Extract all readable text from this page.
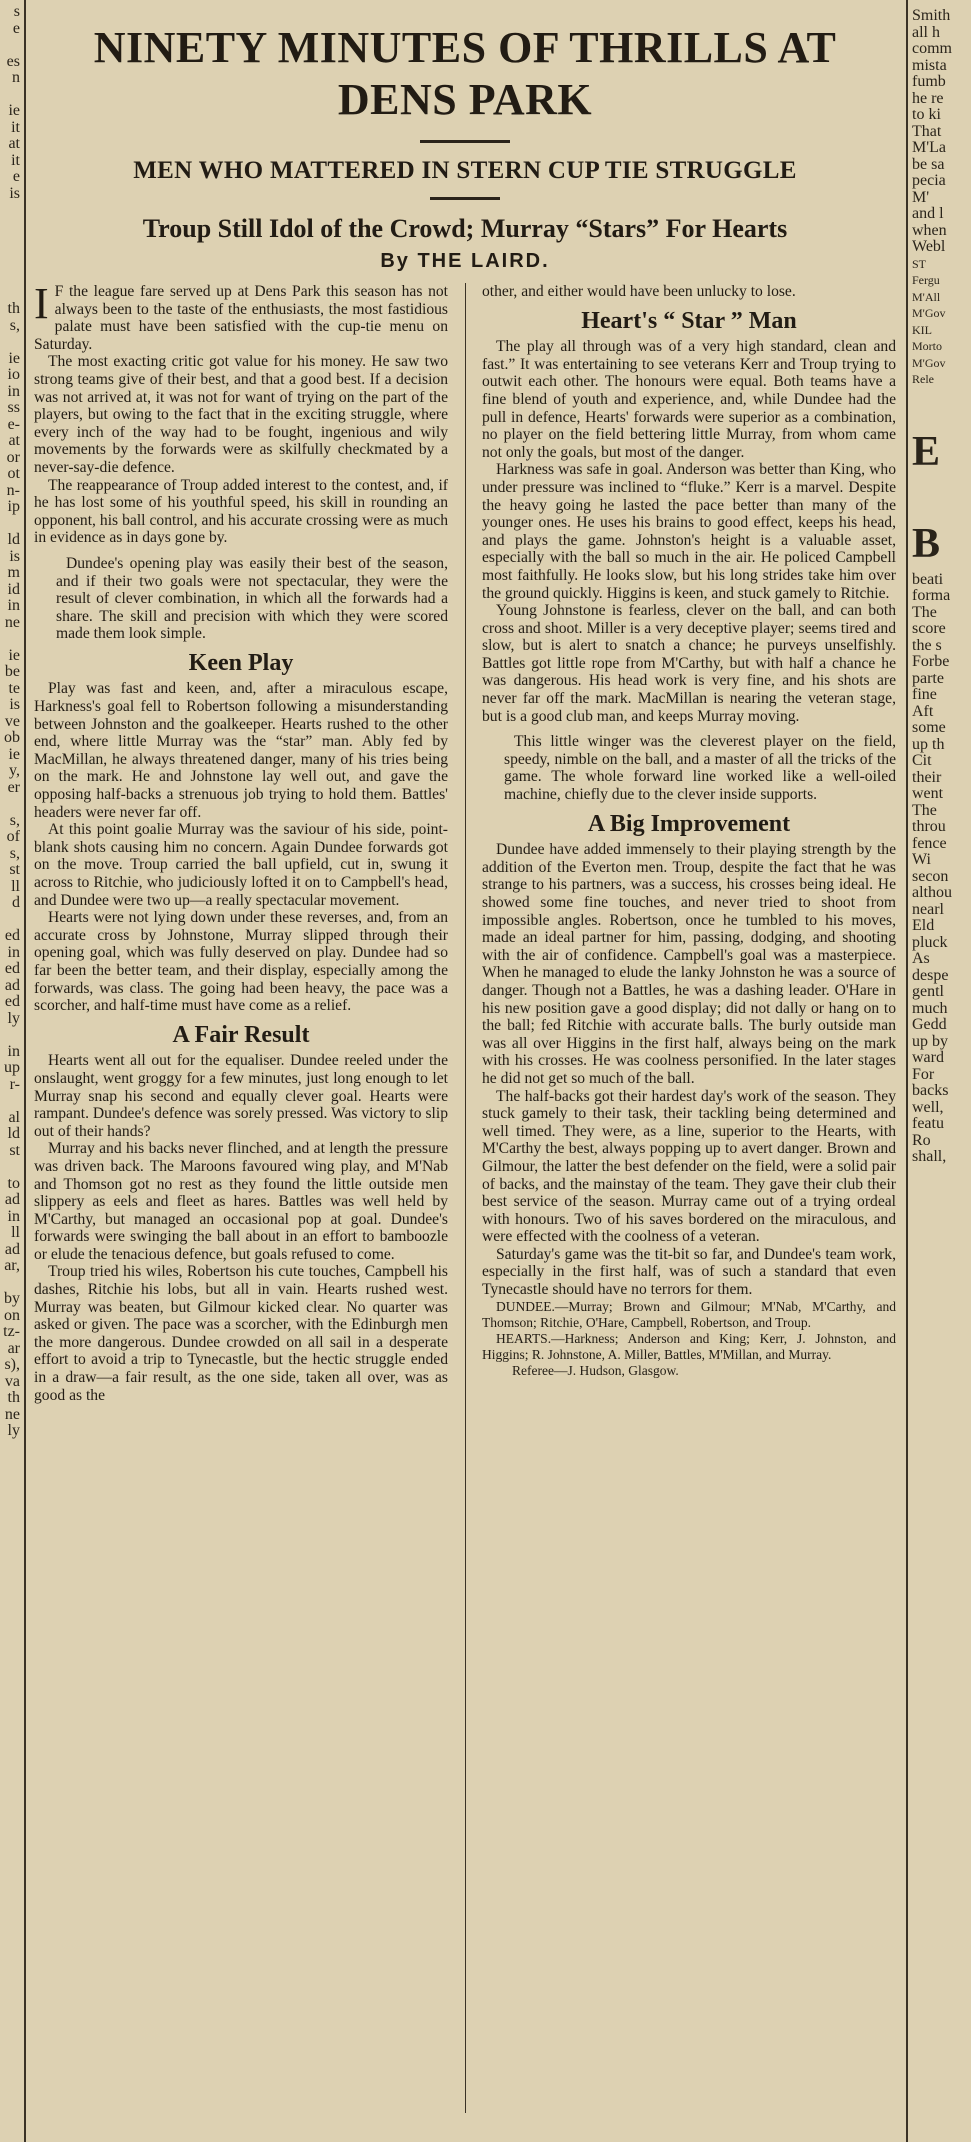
s
e

es
n

ie
it
at
it
e
is

th
s,

ie
io
in
ss
e-
at
or
ot
n-
ip

ld
is
m
id
in
ne

ie
be
te
is
ve
ob
ie
y,
er

s,
of
s,
st
ll
d

ed
in
ed
ad
ed
ly

in
up
r-

al
ld
st

to
ad
in
ll
ad
ar,

by
on
tz-
ar
s),
va
th
ne
ly
Smith
all h
comm
mista
fumb
he re
to ki
That
M'La
be sa
pecia
M'
and l
when
Webl
ST
Fergu
M'All
M'Gov
KIL
Morto
M'Gov
Rele

E

B
beati
forma
The
score
the s
Forbe
parte
fine
Aft
some
up th
Cit
their
went
The
throu
fence
Wi
secon
althou
nearl
Eld
pluck
As
despe
gentl
much
Gedd
up by
ward
For
backs
well,
featu
Ro
shall,
NINETY MINUTES OF THRILLS AT DENS PARK
MEN WHO MATTERED IN STERN CUP TIE STRUGGLE
Troup Still Idol of the Crowd; Murray “Stars” For Hearts
By THE LAIRD.

I F the league fare served up at Dens Park this season has not always been to the taste of the enthusiasts, the most fastidious palate must have been satisfied with the cup-tie menu on Saturday.

The most exacting critic got value for his money. He saw two strong teams give of their best, and that a good best. If a decision was not arrived at, it was not for want of trying on the part of the players, but owing to the fact that in the exciting struggle, where every inch of the way had to be fought, ingenious and wily movements by the forwards were as skilfully checkmated by a never-say-die defence.

The reappearance of Troup added interest to the contest, and, if he has lost some of his youthful speed, his skill in rounding an opponent, his ball control, and his accurate crossing were as much in evidence as in days gone by.

Dundee's opening play was easily their best of the season, and if their two goals were not spectacular, they were the result of clever combination, in which all the forwards had a share. The skill and precision with which they were scored made them look simple.

Keen Play

Play was fast and keen, and, after a miraculous escape, Harkness's goal fell to Robertson following a misunderstanding between Johnston and the goalkeeper. Hearts rushed to the other end, where little Murray was the “star” man. Ably fed by MacMillan, he always threatened danger, many of his tries being on the mark. He and Johnstone lay well out, and gave the opposing half-backs a strenuous job trying to hold them. Battles' headers were never far off.

At this point goalie Murray was the saviour of his side, point-blank shots causing him no concern. Again Dundee forwards got on the move. Troup carried the ball upfield, cut in, swung it across to Ritchie, who judiciously lofted it on to Campbell's head, and Dundee were two up—a really spectacular movement.

Hearts were not lying down under these reverses, and, from an accurate cross by Johnstone, Murray slipped through their opening goal, which was fully deserved on play. Dundee had so far been the better team, and their display, especially among the forwards, was class. The going had been heavy, the pace was a scorcher, and half-time must have come as a relief.

A Fair Result

Hearts went all out for the equaliser. Dundee reeled under the onslaught, went groggy for a few minutes, just long enough to let Murray snap his second and equally clever goal. Hearts were rampant. Dundee's defence was sorely pressed. Was victory to slip out of their hands?

Murray and his backs never flinched, and at length the pressure was driven back. The Maroons favoured wing play, and M'Nab and Thomson got no rest as they found the little outside men slippery as eels and fleet as hares. Battles was well held by M'Carthy, but managed an occasional pop at goal. Dundee's forwards were swinging the ball about in an effort to bamboozle or elude the tenacious defence, but goals refused to come.

Troup tried his wiles, Robertson his cute touches, Campbell his dashes, Ritchie his lobs, but all in vain. Hearts rushed west. Murray was beaten, but Gilmour kicked clear. No quarter was asked or given. The pace was a scorcher, with the Edinburgh men the more dangerous. Dundee crowded on all sail in a desperate effort to avoid a trip to Tynecastle, but the hectic struggle ended in a draw—a fair result, as the one side, taken all over, was as good as the

other, and either would have been unlucky to lose.

Heart's “ Star ” Man

The play all through was of a very high standard, clean and fast.” It was entertaining to see veterans Kerr and Troup trying to outwit each other. The honours were equal. Both teams have a fine blend of youth and experience, and, while Dundee had the pull in defence, Hearts' forwards were superior as a combination, no player on the field bettering little Murray, from whom came not only the goals, but most of the danger.

Harkness was safe in goal. Anderson was better than King, who under pressure was inclined to “fluke.” Kerr is a marvel. Despite the heavy going he lasted the pace better than many of the younger ones. He uses his brains to good effect, keeps his head, and plays the game. Johnston's height is a valuable asset, especially with the ball so much in the air. He policed Campbell most faithfully. He looks slow, but his long strides take him over the ground quickly. Higgins is keen, and stuck gamely to Ritchie.

Young Johnstone is fearless, clever on the ball, and can both cross and shoot. Miller is a very deceptive player; seems tired and slow, but is alert to snatch a chance; he purveys unselfishly. Battles got little rope from M'Carthy, but with half a chance he was dangerous. His head work is very fine, and his shots are never far off the mark. MacMillan is nearing the veteran stage, but is a good club man, and keeps Murray moving.

This little winger was the cleverest player on the field, speedy, nimble on the ball, and a master of all the tricks of the game. The whole forward line worked like a well-oiled machine, chiefly due to the clever inside supports.

A Big Improvement

Dundee have added immensely to their playing strength by the addition of the Everton men. Troup, despite the fact that he was strange to his partners, was a success, his crosses being ideal. He showed some fine touches, and never tried to shoot from impossible angles. Robertson, once he tumbled to his moves, made an ideal partner for him, passing, dodging, and shooting with the air of confidence. Campbell's goal was a masterpiece. When he managed to elude the lanky Johnston he was a source of danger. Though not a Battles, he was a dashing leader. O'Hare in his new position gave a good display; did not dally or hang on to the ball; fed Ritchie with accurate balls. The burly outside man was all over Higgins in the first half, always being on the mark with his crosses. He was coolness personified. In the later stages he did not get so much of the ball.

The half-backs got their hardest day's work of the season. They stuck gamely to their task, their tackling being determined and well timed. They were, as a line, superior to the Hearts, with M'Carthy the best, always popping up to avert danger. Brown and Gilmour, the latter the best defender on the field, were a solid pair of backs, and the mainstay of the team. They gave their club their best service of the season. Murray came out of a trying ordeal with honours. Two of his saves bordered on the miraculous, and were effected with the coolness of a veteran.

Saturday's game was the tit-bit so far, and Dundee's team work, especially in the first half, was of such a standard that even Tynecastle should have no terrors for them.

DUNDEE.—Murray; Brown and Gilmour; M'Nab, M'Carthy, and Thomson; Ritchie, O'Hare, Campbell, Robertson, and Troup.

HEARTS.—Harkness; Anderson and King; Kerr, J. Johnston, and Higgins; R. Johnstone, A. Miller, Battles, M'Millan, and Murray.

Referee—J. Hudson, Glasgow.
